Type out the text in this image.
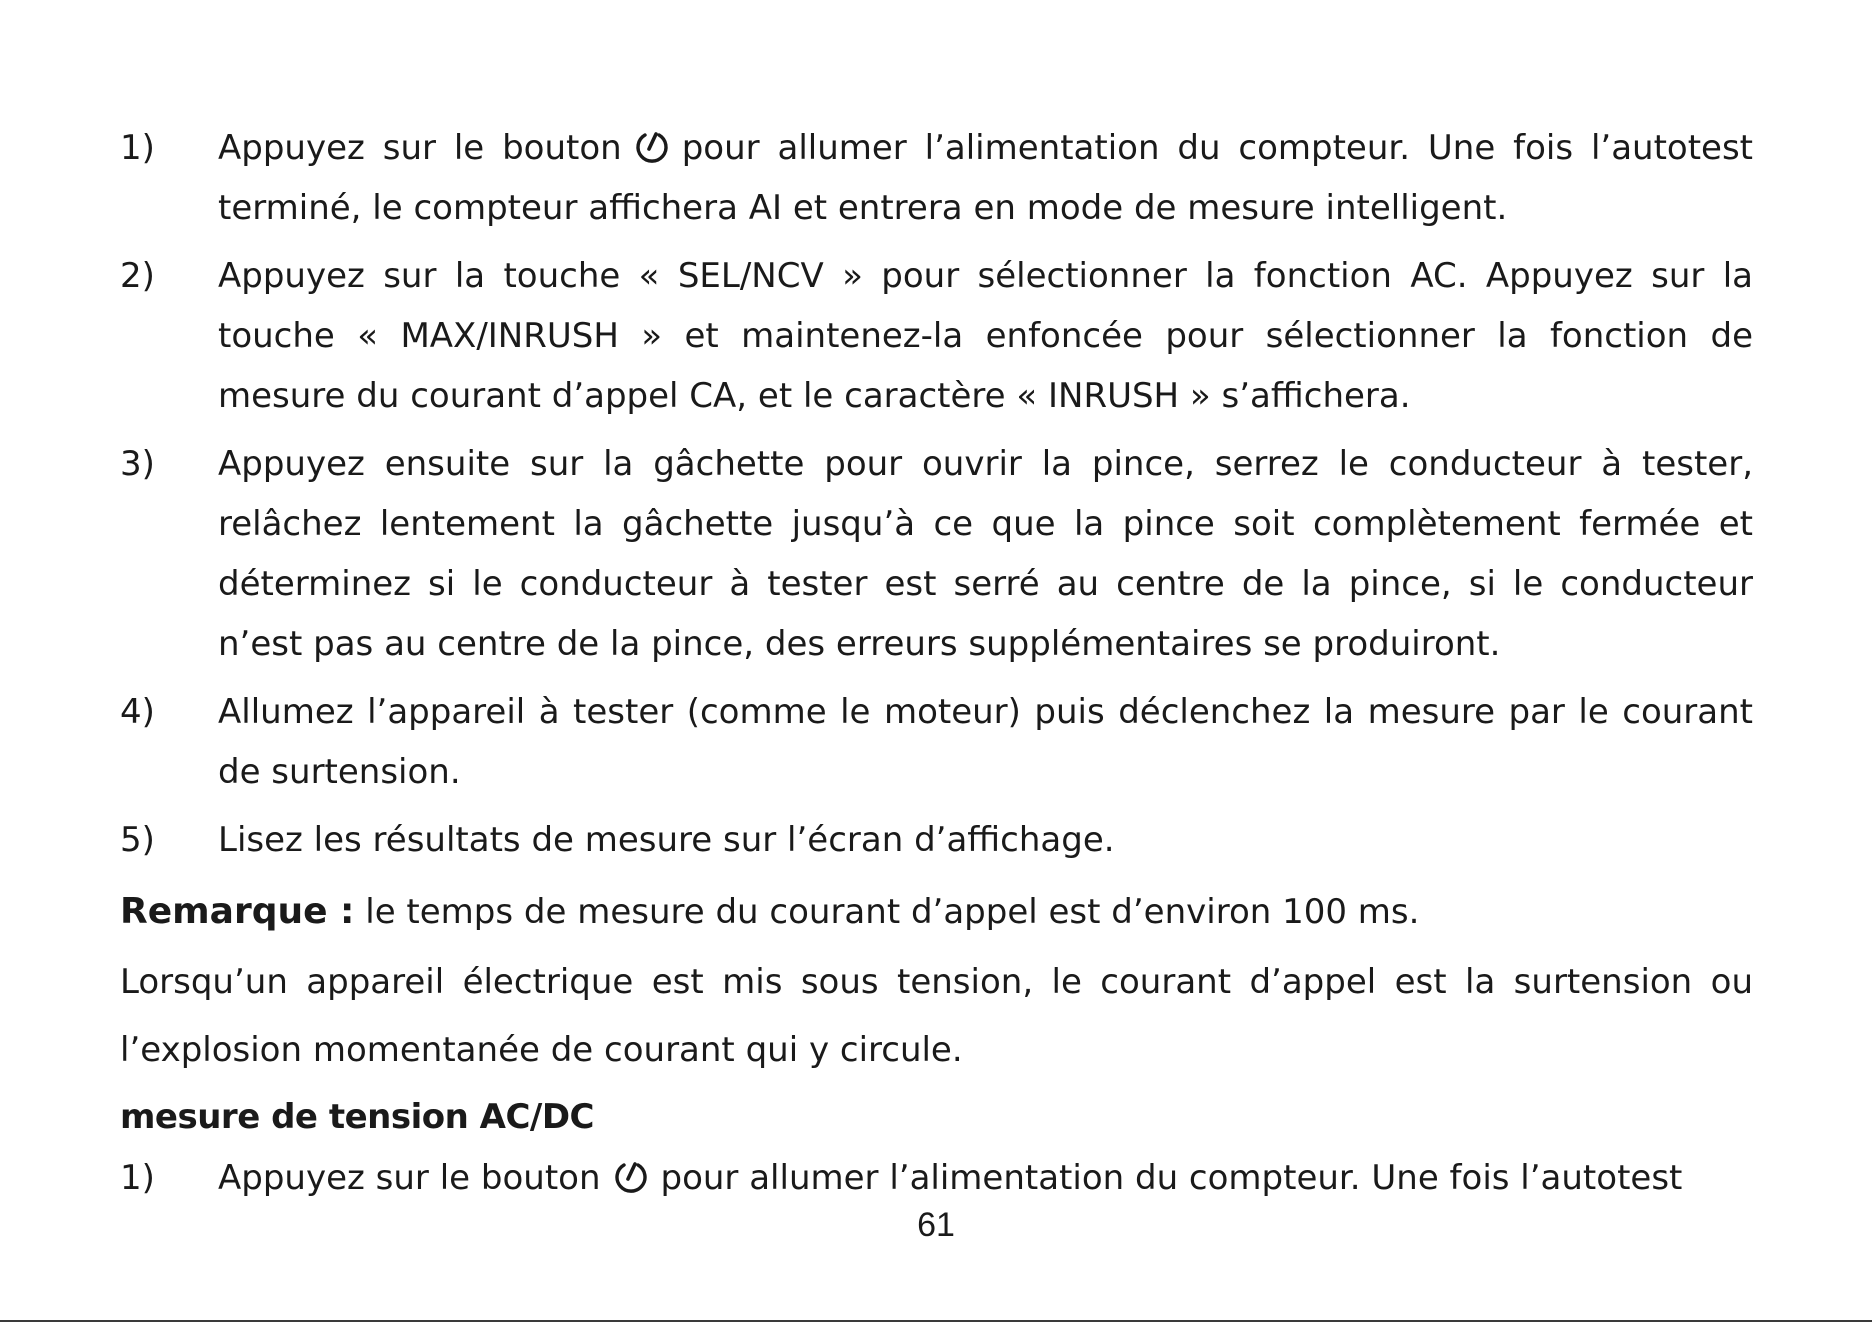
1)	Appuyez sur le bouton pour allumer l’alimentation du compteur. Une fois l’autotest terminé, le compteur affichera AI et entrera en mode de mesure intelligent.
2)	Appuyez sur la touche « SEL/NCV » pour sélectionner la fonction AC. Appuyez sur la touche « MAX/INRUSH » et maintenez-la enfoncée pour sélectionner la fonction de mesure du courant d’appel CA, et le caractère « INRUSH » s’affichera.
3)	Appuyez ensuite sur la gâchette pour ouvrir la pince, serrez le conducteur à tester, relâchez lentement la gâchette jusqu’à ce que la pince soit complètement fermée et déterminez si le conducteur à tester est serré au centre de la pince, si le conducteur n’est pas au centre de la pince, des erreurs supplémentaires se produiront.
4)	Allumez l’appareil à tester (comme le moteur) puis déclenchez la mesure par le courant de surtension.
5)	Lisez les résultats de mesure sur l’écran d’affichage.
Remarque : le temps de mesure du courant d’appel est d’environ 100 ms.
Lorsqu’un appareil électrique est mis sous tension, le courant d’appel est la surtension ou l’explosion momentanée de courant qui y circule.
mesure de tension AC/DC
1)	Appuyez sur le bouton pour allumer l’alimentation du compteur. Une fois l’autotest
61
